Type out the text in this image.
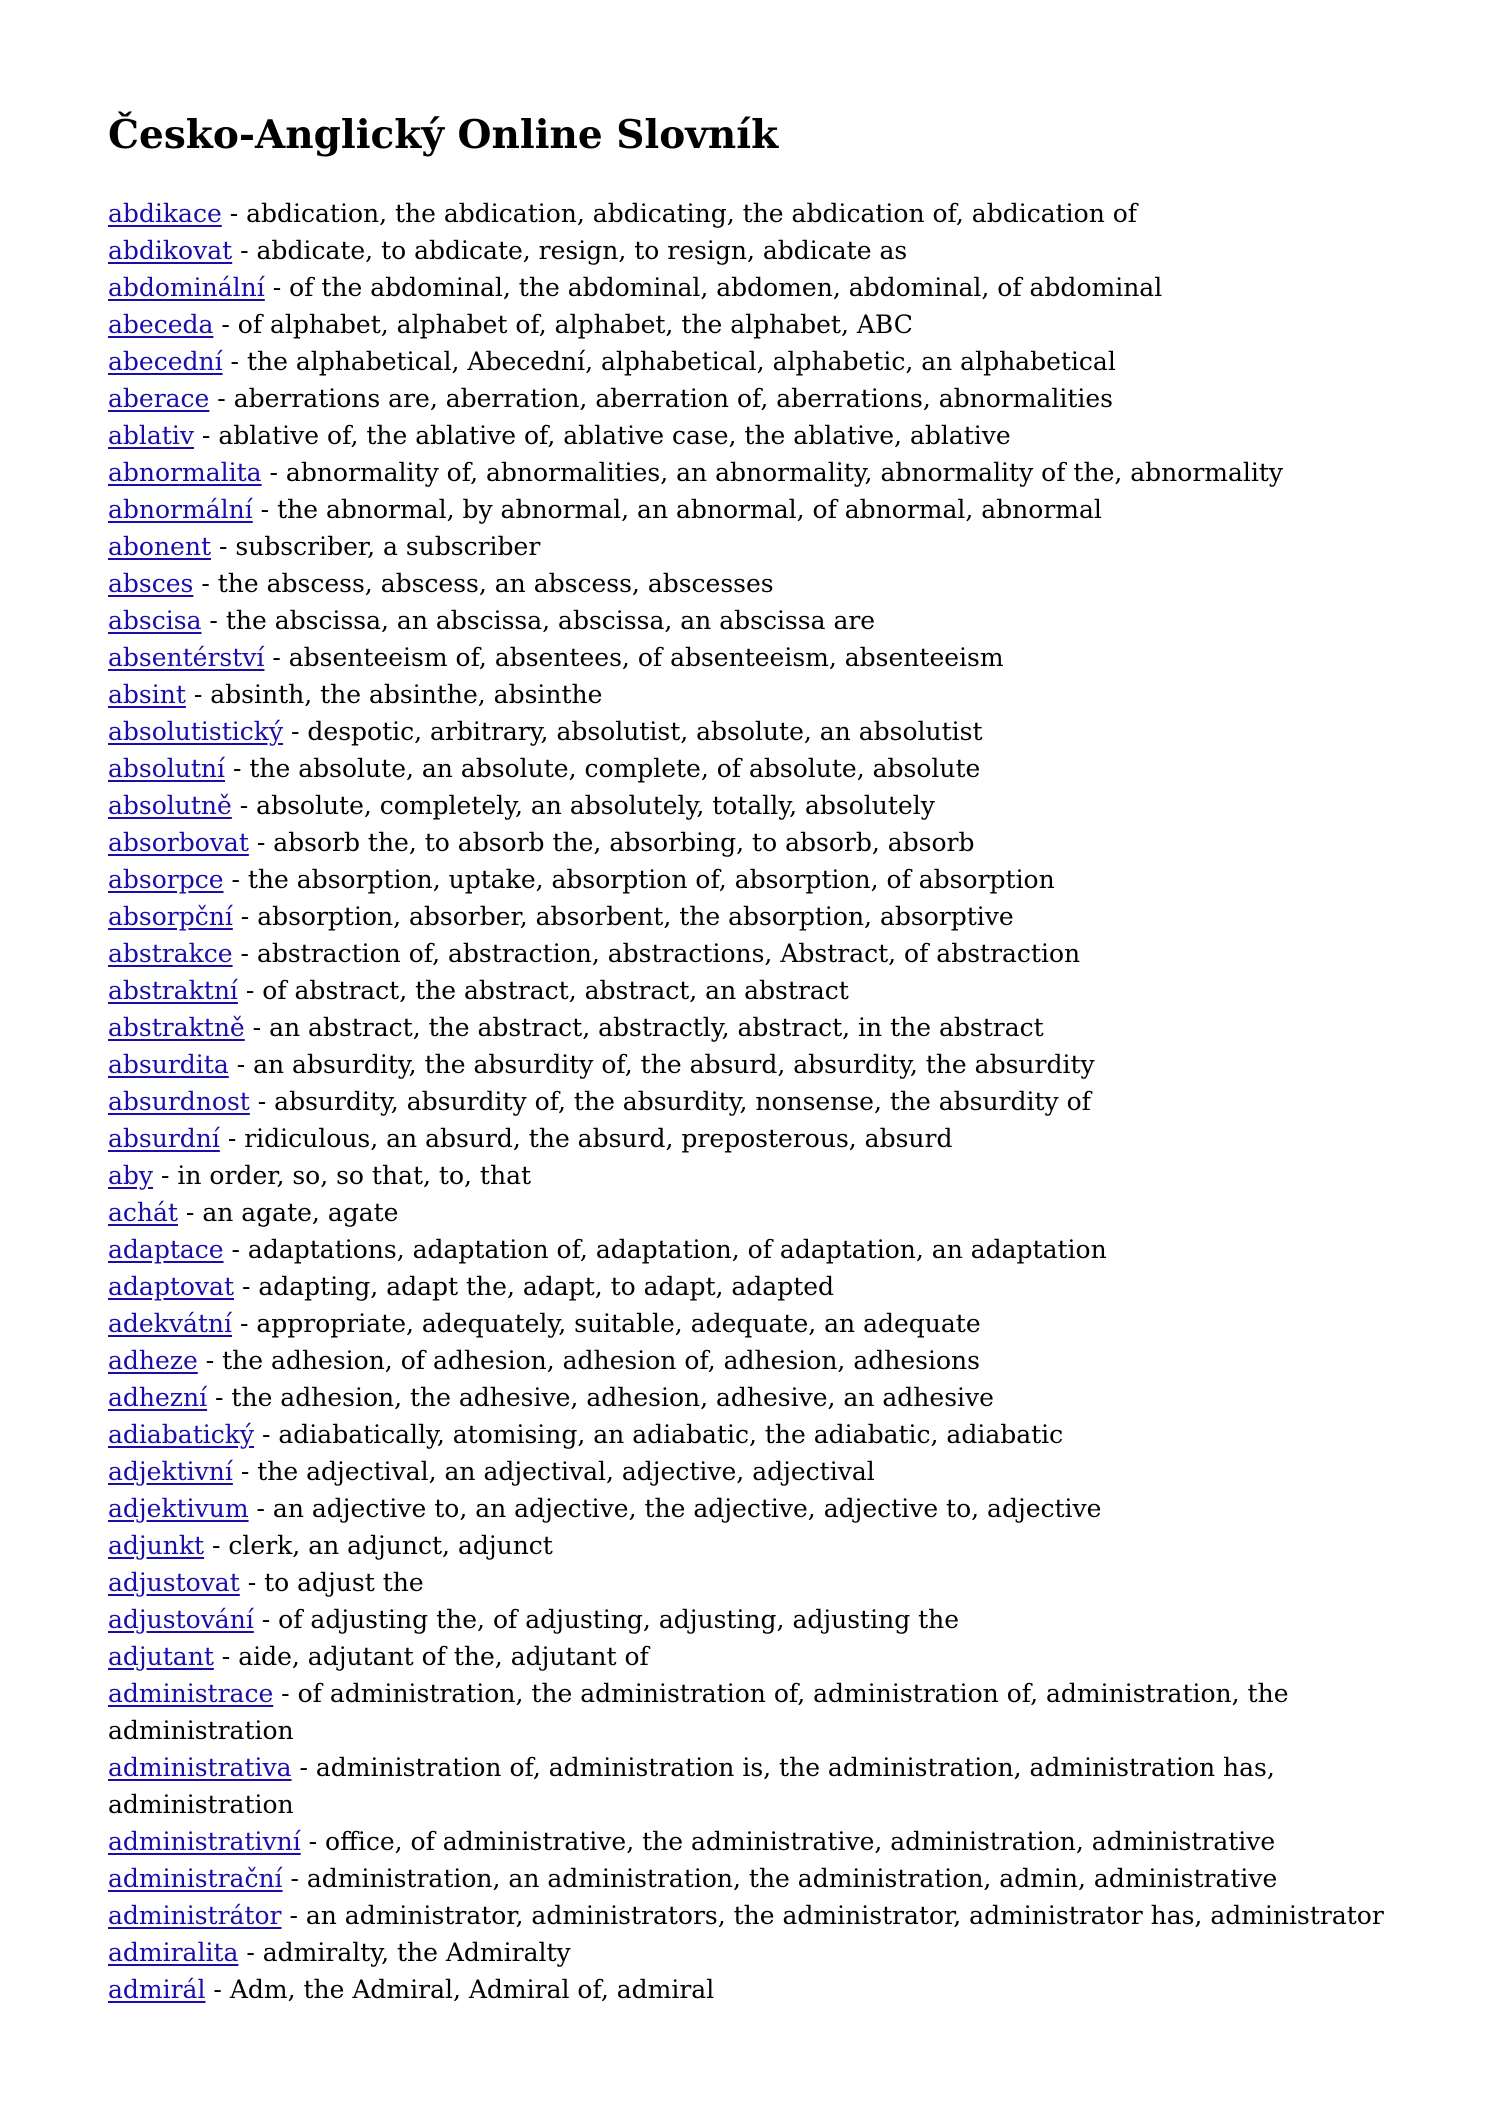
Česko-Anglický Online Slovník
abdikace - abdication, the abdication, abdicating, the abdication of, abdication of
abdikovat - abdicate, to abdicate, resign, to resign, abdicate as
abdominální - of the abdominal, the abdominal, abdomen, abdominal, of abdominal
abeceda - of alphabet, alphabet of, alphabet, the alphabet, ABC
abecední - the alphabetical, Abecední, alphabetical, alphabetic, an alphabetical
aberace - aberrations are, aberration, aberration of, aberrations, abnormalities
ablativ - ablative of, the ablative of, ablative case, the ablative, ablative
abnormalita - abnormality of, abnormalities, an abnormality, abnormality of the, abnormality
abnormální - the abnormal, by abnormal, an abnormal, of abnormal, abnormal
abonent - subscriber, a subscriber
absces - the abscess, abscess, an abscess, abscesses
abscisa - the abscissa, an abscissa, abscissa, an abscissa are
absentérství - absenteeism of, absentees, of absenteeism, absenteeism
absint - absinth, the absinthe, absinthe
absolutistický - despotic, arbitrary, absolutist, absolute, an absolutist
absolutní - the absolute, an absolute, complete, of absolute, absolute
absolutně - absolute, completely, an absolutely, totally, absolutely
absorbovat - absorb the, to absorb the, absorbing, to absorb, absorb
absorpce - the absorption, uptake, absorption of, absorption, of absorption
absorpční - absorption, absorber, absorbent, the absorption, absorptive
abstrakce - abstraction of, abstraction, abstractions, Abstract, of abstraction
abstraktní - of abstract, the abstract, abstract, an abstract
abstraktně - an abstract, the abstract, abstractly, abstract, in the abstract
absurdita - an absurdity, the absurdity of, the absurd, absurdity, the absurdity
absurdnost - absurdity, absurdity of, the absurdity, nonsense, the absurdity of
absurdní - ridiculous, an absurd, the absurd, preposterous, absurd
aby - in order, so, so that, to, that
achát - an agate, agate
adaptace - adaptations, adaptation of, adaptation, of adaptation, an adaptation
adaptovat - adapting, adapt the, adapt, to adapt, adapted
adekvátní - appropriate, adequately, suitable, adequate, an adequate
adheze - the adhesion, of adhesion, adhesion of, adhesion, adhesions
adhezní - the adhesion, the adhesive, adhesion, adhesive, an adhesive
adiabatický - adiabatically, atomising, an adiabatic, the adiabatic, adiabatic
adjektivní - the adjectival, an adjectival, adjective, adjectival
adjektivum - an adjective to, an adjective, the adjective, adjective to, adjective
adjunkt - clerk, an adjunct, adjunct
adjustovat - to adjust the
adjustování - of adjusting the, of adjusting, adjusting, adjusting the
adjutant - aide, adjutant of the, adjutant of
administrace - of administration, the administration of, administration of, administration, the administration
administrativa - administration of, administration is, the administration, administration has, administration
administrativní - office, of administrative, the administrative, administration, administrative
administrační - administration, an administration, the administration, admin, administrative
administrátor - an administrator, administrators, the administrator, administrator has, administrator
admiralita - admiralty, the Admiralty
admirál - Adm, the Admiral, Admiral of, admiral
